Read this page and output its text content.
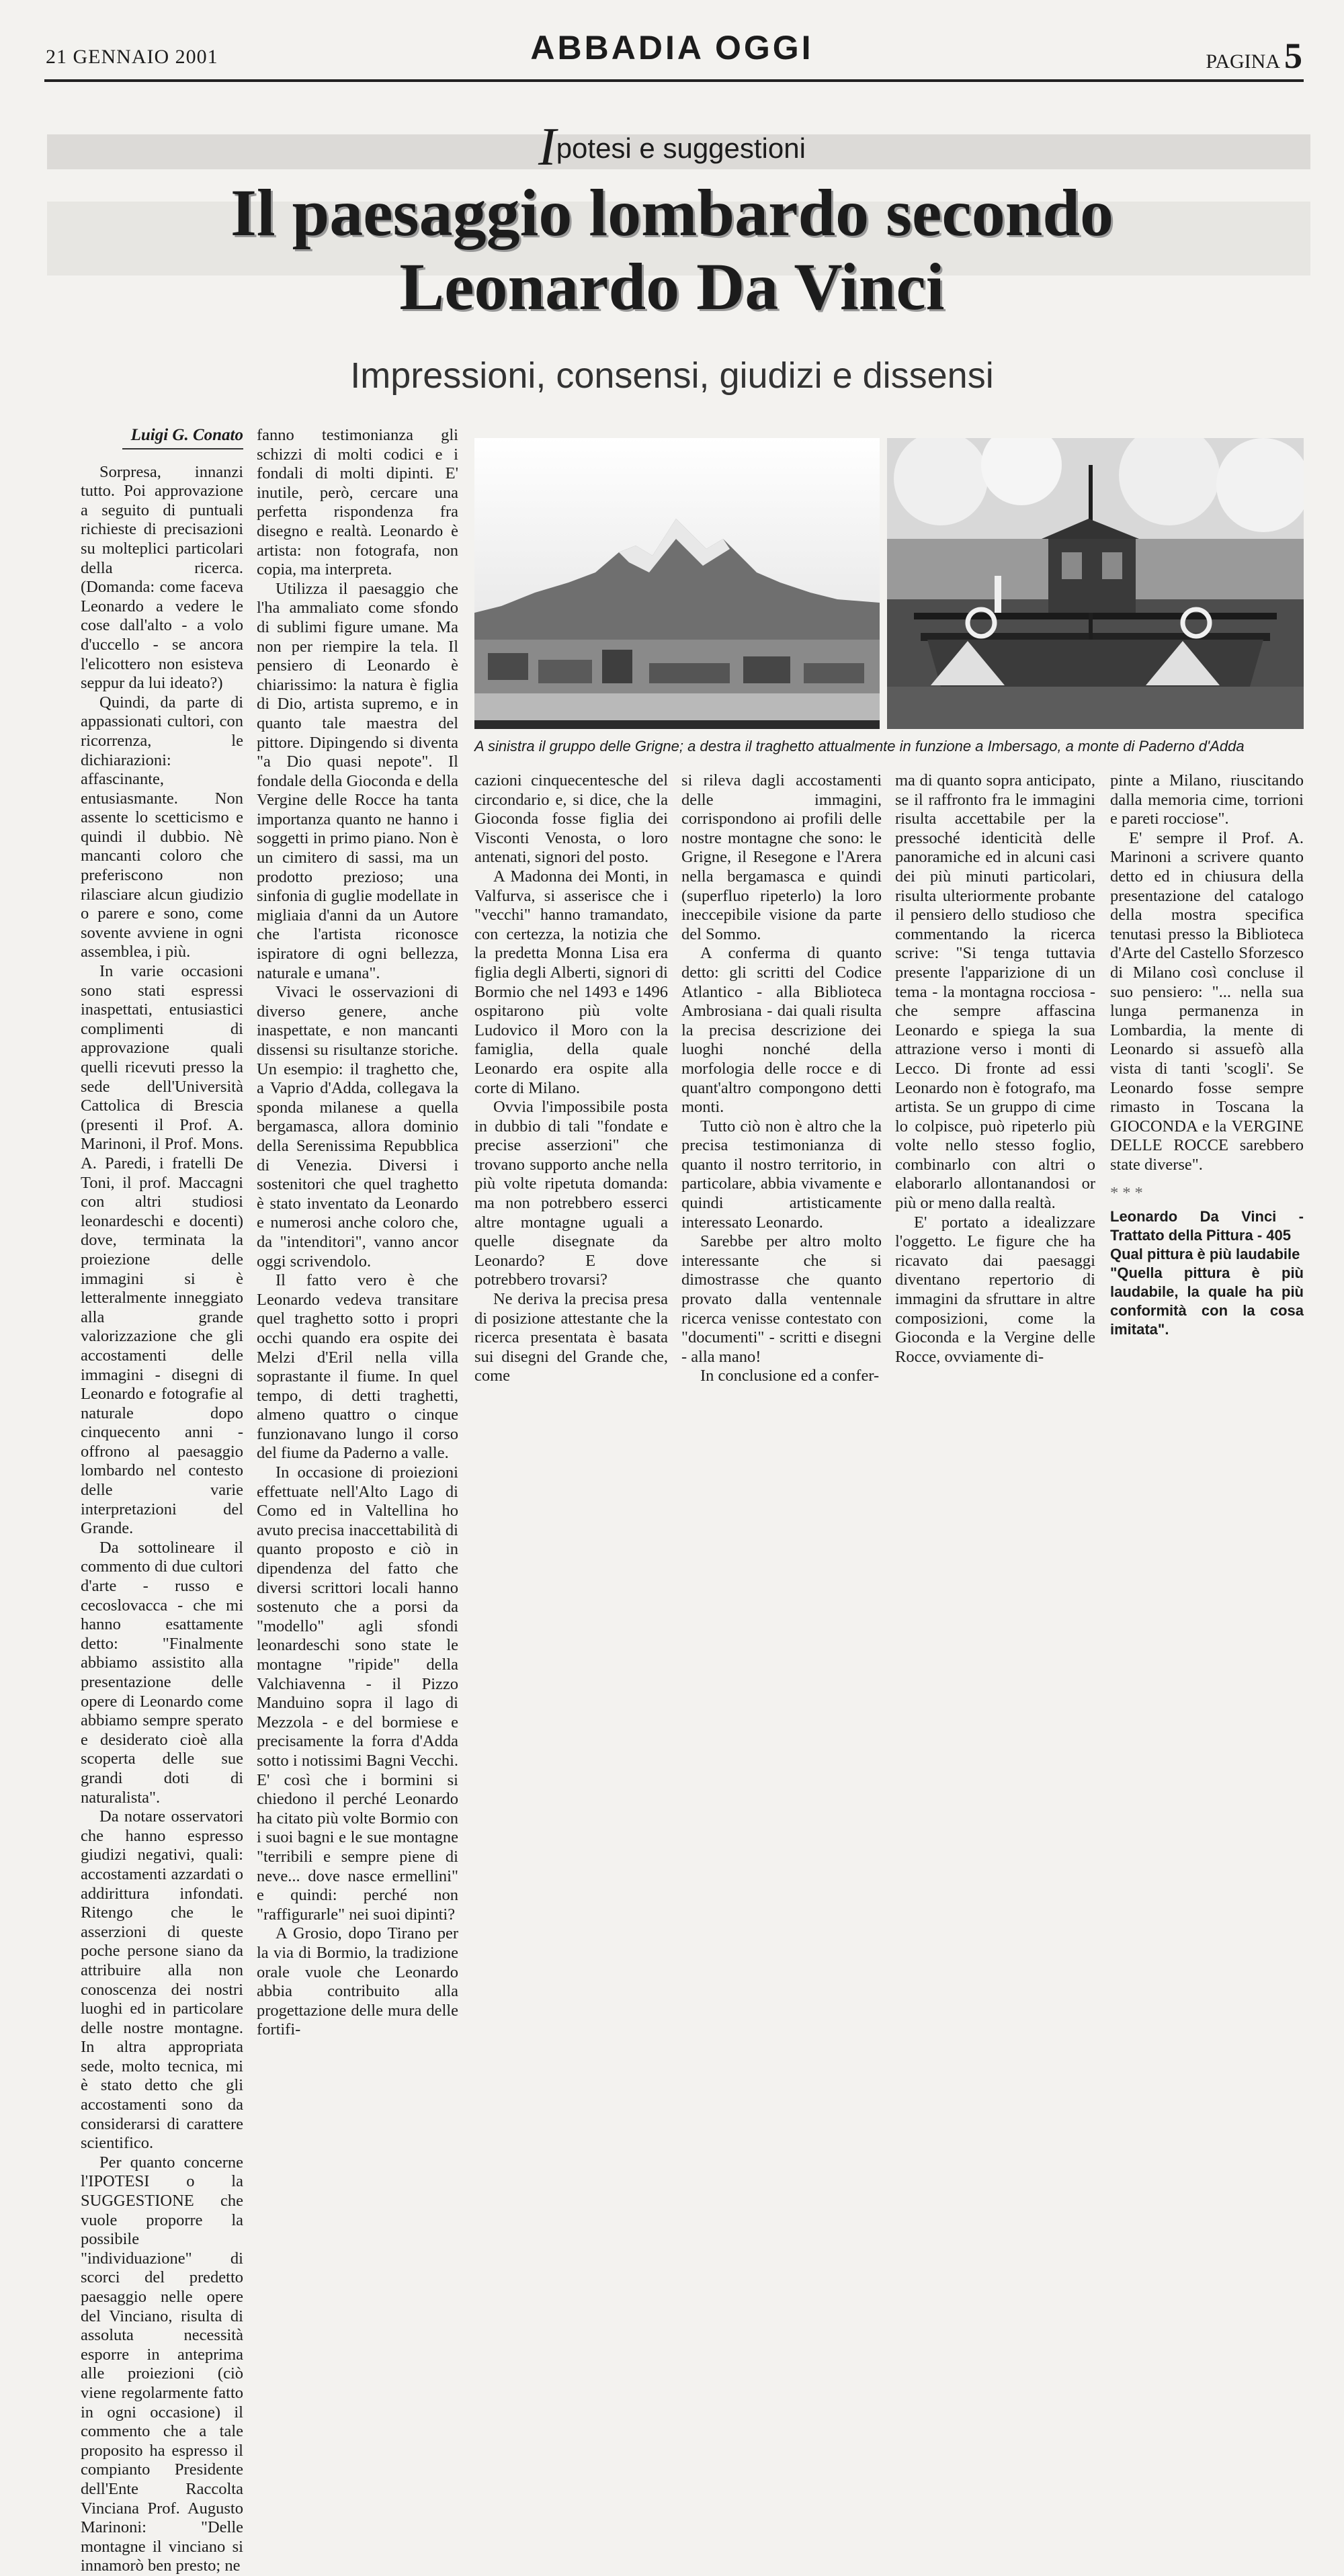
21 GENNAIO 2001	ABBADIA OGGI	PAGINA 5
Ipotesi e suggestioni
Il paesaggio lombardo secondo
Leonardo Da Vinci
Impressioni, consensi, giudizi e dissensi
A sinistra il gruppo delle Grigne; a destra il traghetto attualmente in funzione a Imbersago, a monte di Paderno d'Adda
Luigi G. Conato

Sorpresa, innanzi tutto. Poi approvazione a seguito di puntuali richieste di precisazioni su molteplici particolari della ricerca. (Domanda: come faceva Leonardo a vedere le cose dall'alto - a volo d'uccello - se ancora l'elicottero non esisteva seppur da lui ideato?)

Quindi, da parte di appassionati cultori, con ricorrenza, le dichiarazioni: affascinante, entusiasmante. Non assente lo scetticismo e quindi il dubbio. Nè mancanti coloro che preferiscono non rilasciare alcun giudizio o parere e sono, come sovente avviene in ogni assemblea, i più.

In varie occasioni sono stati espressi inaspettati, entusiastici complimenti di approvazione quali quelli ricevuti presso la sede dell'Università Cattolica di Brescia (presenti il Prof. A. Marinoni, il Prof. Mons. A. Paredi, i fratelli De Toni, il prof. Maccagni con altri studiosi leonardeschi e docenti) dove, terminata la proiezione delle immagini si è letteralmente inneggiato alla grande valorizzazione che gli accostamenti delle immagini - disegni di Leonardo e fotografie al naturale dopo cinquecento anni - offrono al paesaggio lombardo nel contesto delle varie interpretazioni del Grande.

Da sottolineare il commento di due cultori d'arte - russo e cecoslovacca - che mi hanno esattamente detto: "Finalmente abbiamo assistito alla presentazione delle opere di Leonardo come abbiamo sempre sperato e desiderato cioè alla scoperta delle sue grandi doti di naturalista".

Da notare osservatori che hanno espresso giudizi negativi, quali: accostamenti azzardati o addirittura infondati. Ritengo che le asserzioni di queste poche persone siano da attribuire alla non conoscenza dei nostri luoghi ed in particolare delle nostre montagne. In altra appropriata sede, molto tecnica, mi è stato detto che gli accostamenti sono da considerarsi di carattere scientifico.

Per quanto concerne l'IPOTESI o la SUGGESTIONE che vuole proporre la possibile "individuazione" di scorci del predetto paesaggio nelle opere del Vinciano, risulta di assoluta necessità esporre in anteprima alle proiezioni (ciò viene regolarmente fatto in ogni occasione) il commento che a tale proposito ha espresso il compianto Presidente dell'Ente Raccolta Vinciana Prof. Augusto Marinoni: "Delle montagne il vinciano si innamorò ben presto; ne

fanno testimonianza gli schizzi di molti codici e i fondali di molti dipinti. E' inutile, però, cercare una perfetta rispondenza fra disegno e realtà. Leonardo è artista: non fotografa, non copia, ma interpreta.

Utilizza il paesaggio che l'ha ammaliato come sfondo di sublimi figure umane. Ma non per riempire la tela. Il pensiero di Leonardo è chiarissimo: la natura è figlia di Dio, artista supremo, e in quanto tale maestra del pittore. Dipingendo si diventa "a Dio quasi nepote". Il fondale della Gioconda e della Vergine delle Rocce ha tanta importanza quanto ne hanno i soggetti in primo piano. Non è un cimitero di sassi, ma un prodotto prezioso; una sinfonia di guglie modellate in migliaia d'anni da un Autore che l'artista riconosce ispiratore di ogni bellezza, naturale e umana".

Vivaci le osservazioni di diverso genere, anche inaspettate, e non mancanti dissensi su risultanze storiche. Un esempio: il traghetto che, a Vaprio d'Adda, collegava la sponda milanese a quella bergamasca, allora dominio della Serenissima Repubblica di Venezia. Diversi i sostenitori che quel traghetto è stato inventato da Leonardo e numerosi anche coloro che, da "intenditori", vanno ancor oggi scrivendolo.

Il fatto vero è che Leonardo vedeva transitare quel traghetto sotto i propri occhi quando era ospite dei Melzi d'Eril nella villa soprastante il fiume. In quel tempo, di detti traghetti, almeno quattro o cinque funzionavano lungo il corso del fiume da Paderno a valle.

In occasione di proiezioni effettuate nell'Alto Lago di Como ed in Valtellina ho avuto precisa inaccettabilità di quanto proposto e ciò in dipendenza del fatto che diversi scrittori locali hanno sostenuto che a porsi da "modello" agli sfondi leonardeschi sono state le montagne "ripide" della Valchiavenna - il Pizzo Manduino sopra il lago di Mezzola - e del bormiese e precisamente la forra d'Adda sotto i notissimi Bagni Vecchi. E' così che i bormini si chiedono il perché Leonardo ha citato più volte Bormio con i suoi bagni e le sue montagne "terribili e sempre piene di neve... dove nasce ermellini" e quindi: perché non "raffigurarle" nei suoi dipinti?

A Grosio, dopo Tirano per la via di Bormio, la tradizione orale vuole che Leonardo abbia contribuito alla progettazione delle mura delle fortifi-

cazioni cinquecentesche del circondario e, si dice, che la Gioconda fosse figlia dei Visconti Venosta, o loro antenati, signori del posto.

A Madonna dei Monti, in Valfurva, si asserisce che i "vecchi" hanno tramandato, con certezza, la notizia che la predetta Monna Lisa era figlia degli Alberti, signori di Bormio che nel 1493 e 1496 ospitarono più volte Ludovico il Moro con la famiglia, della quale Leonardo era ospite alla corte di Milano.

Ovvia l'impossibile posta in dubbio di tali "fondate e precise asserzioni" che trovano supporto anche nella più volte ripetuta domanda: ma non potrebbero esserci altre montagne uguali a quelle disegnate da Leonardo? E dove potrebbero trovarsi?

Ne deriva la precisa presa di posizione attestante che la ricerca presentata è basata sui disegni del Grande che, come

si rileva dagli accostamenti delle immagini, corrispondono ai profili delle nostre montagne che sono: le Grigne, il Resegone e l'Arera nella bergamasca e quindi (superfluo ripeterlo) la loro ineccepibile visione da parte del Sommo.

A conferma di quanto detto: gli scritti del Codice Atlantico - alla Biblioteca Ambrosiana - dai quali risulta la precisa descrizione dei luoghi nonché della morfologia delle rocce e di quant'altro compongono detti monti.

Tutto ciò non è altro che la precisa testimonianza di quanto il nostro territorio, in particolare, abbia vivamente e quindi artisticamente interessato Leonardo.

Sarebbe per altro molto interessante che si dimostrasse che quanto provato dalla ventennale ricerca venisse contestato con "documenti" - scritti e disegni - alla mano!

In conclusione ed a confer-

ma di quanto sopra anticipato, se il raffronto fra le immagini risulta accettabile per la pressoché identicità delle panoramiche ed in alcuni casi dei più minuti particolari, risulta ulteriormente probante il pensiero dello studioso che commentando la ricerca scrive: "Si tenga tuttavia presente l'apparizione di un tema - la montagna rocciosa - che sempre affascina Leonardo e spiega la sua attrazione verso i monti di Lecco. Di fronte ad essi Leonardo non è fotografo, ma artista. Se un gruppo di cime lo colpisce, può ripeterlo più volte nello stesso foglio, combinarlo con altri o elaborarlo allontanandosi or più or meno dalla realtà.

E' portato a idealizzare l'oggetto. Le figure che ha ricavato dai paesaggi diventano repertorio di immagini da sfruttare in altre composizioni, come la Gioconda e la Vergine delle Rocce, ovviamente di-

pinte a Milano, riuscitando dalla memoria cime, torrioni e pareti rocciose".

E' sempre il Prof. A. Marinoni a scrivere quanto detto ed in chiusura della presentazione del catalogo della mostra specifica tenutasi presso la Biblioteca d'Arte del Castello Sforzesco di Milano così concluse il suo pensiero: "... nella sua lunga permanenza in Lombardia, la mente di Leonardo si assuefò alla vista di tanti 'scogli'. Se Leonardo fosse sempre rimasto in Toscana la GIOCONDA e la VERGINE DELLE ROCCE sarebbero state diverse".

***
Leonardo Da Vinci - Trattato della Pittura - 405
Qual pittura è più laudabile
"Quella pittura è più laudabile, la quale ha più conformità con la cosa imitata".
